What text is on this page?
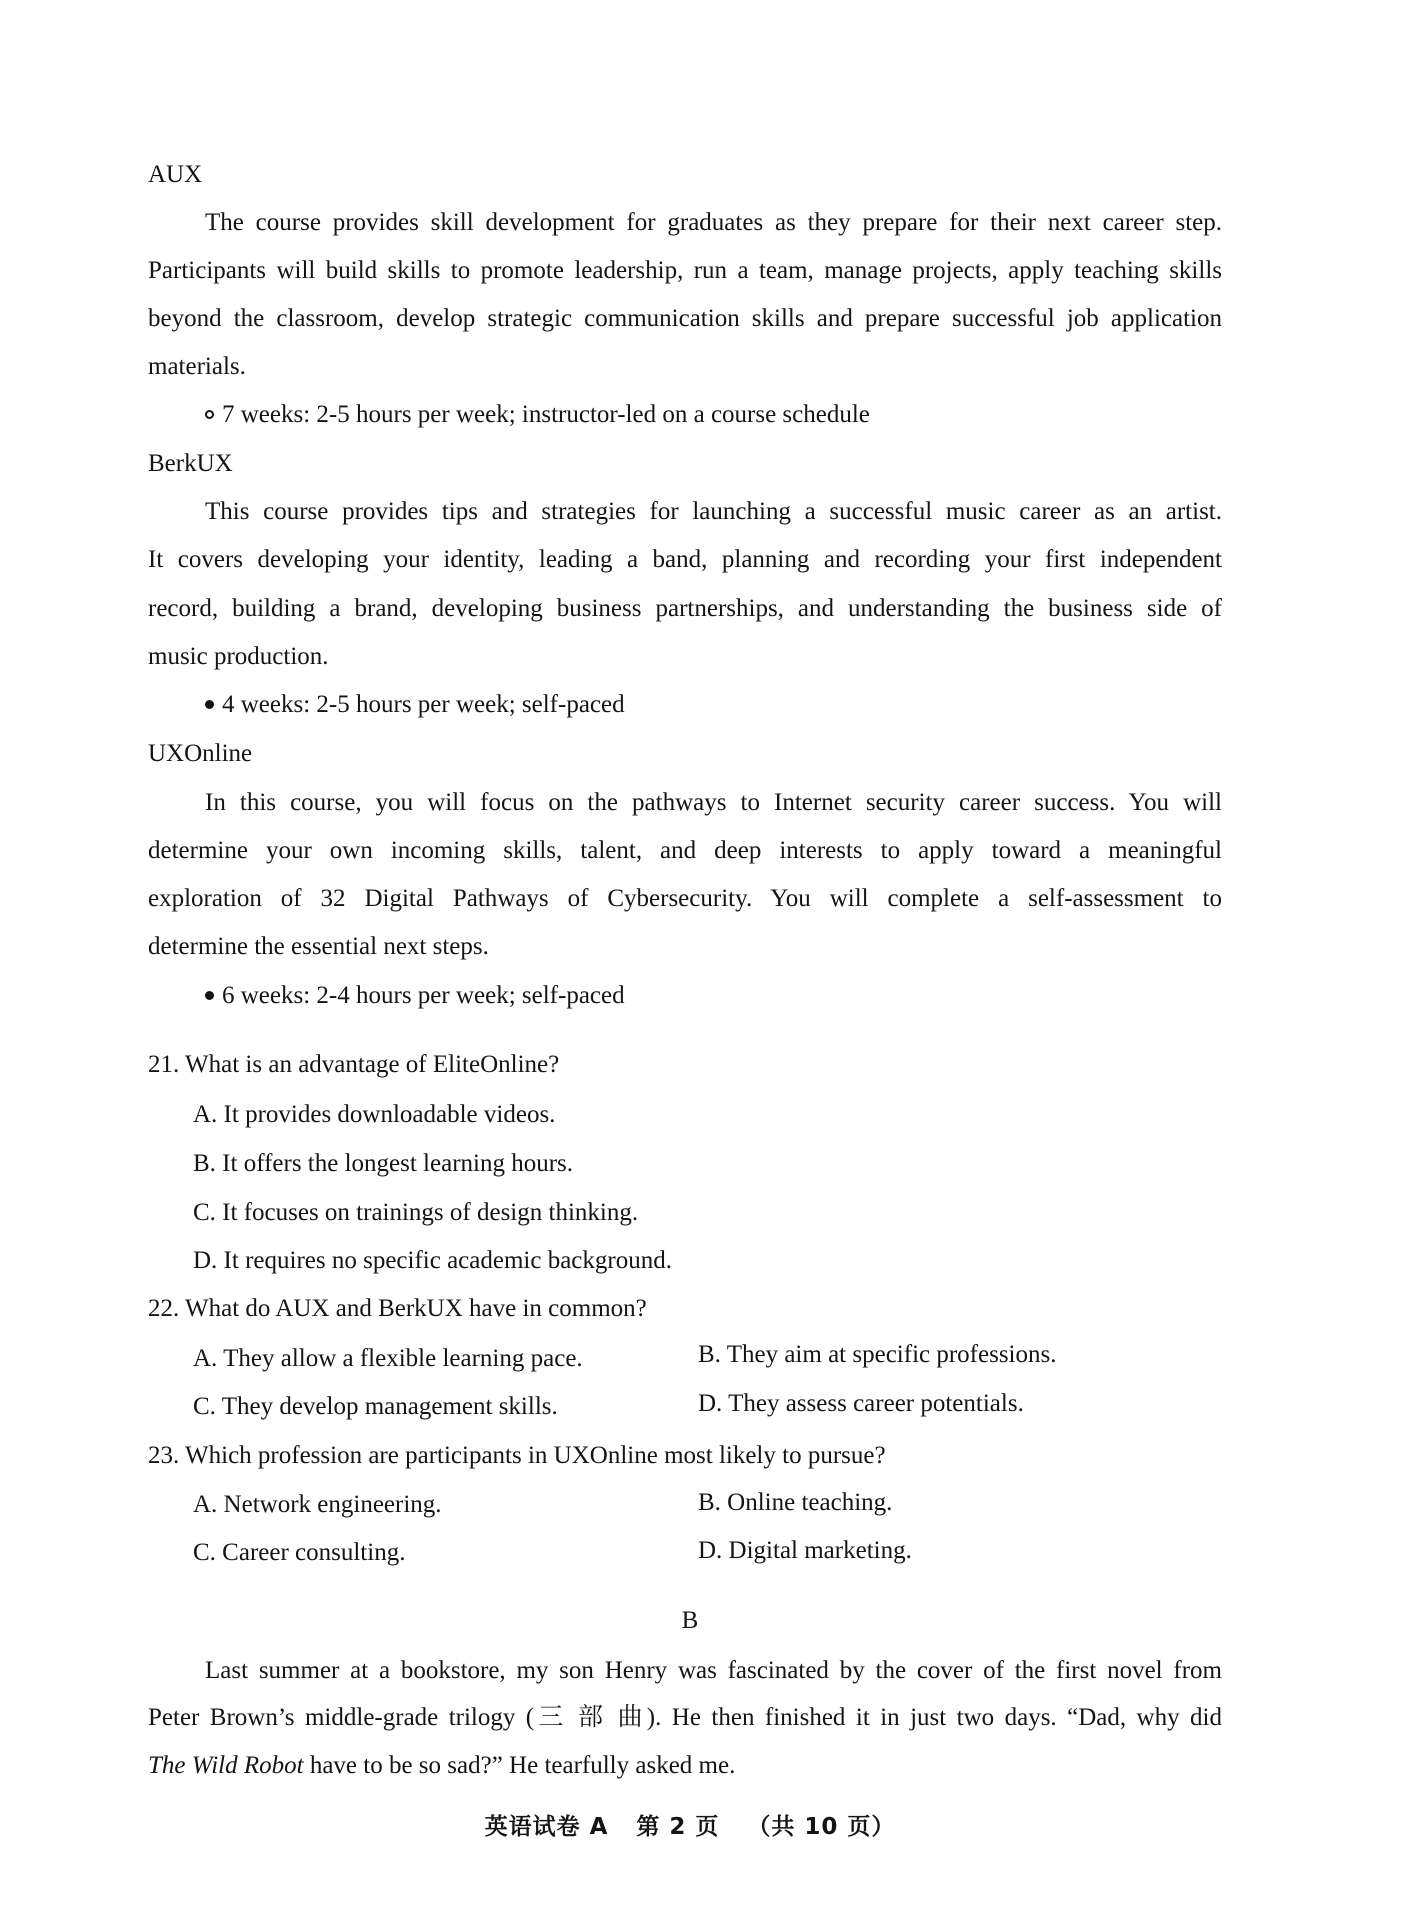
AUX
The course provides skill development for graduates as they prepare for their next career step.
Participants will build skills to promote leadership, run a team, manage projects, apply teaching skills
beyond the classroom, develop strategic communication skills and prepare successful job application
materials.
7 weeks: 2-5 hours per week; instructor-led on a course schedule
BerkUX
This course provides tips and strategies for launching a successful music career as an artist.
It covers developing your identity, leading a band, planning and recording your first independent
record, building a brand, developing business partnerships, and understanding the business side of
music production.
4 weeks: 2-5 hours per week; self-paced
UXOnline
In this course, you will focus on the pathways to Internet security career success. You will
determine your own incoming skills, talent, and deep interests to apply toward a meaningful
exploration of 32 Digital Pathways of Cybersecurity. You will complete a self-assessment to
determine the essential next steps.
6 weeks: 2-4 hours per week; self-paced
21. What is an advantage of EliteOnline?
A. It provides downloadable videos.
B. It offers the longest learning hours.
C. It focuses on trainings of design thinking.
D. It requires no specific academic background.
22. What do AUX and BerkUX have in common?
A. They allow a flexible learning pace.	B. They aim at specific professions.
C. They develop management skills.	D. They assess career potentials.
23. Which profession are participants in UXOnline most likely to pursue?
A. Network engineering.	B. Online teaching.
C. Career consulting.	D. Digital marketing.
B
Last summer at a bookstore, my son Henry was fascinated by the cover of the first novel from
Peter Brown’s middle-grade trilogy (三 部 曲). He then finished it in just two days. “Dad, why did
The Wild Robot have to be so sad?” He tearfully asked me.
英语试卷 A 第 2 页 （共 10 页）
